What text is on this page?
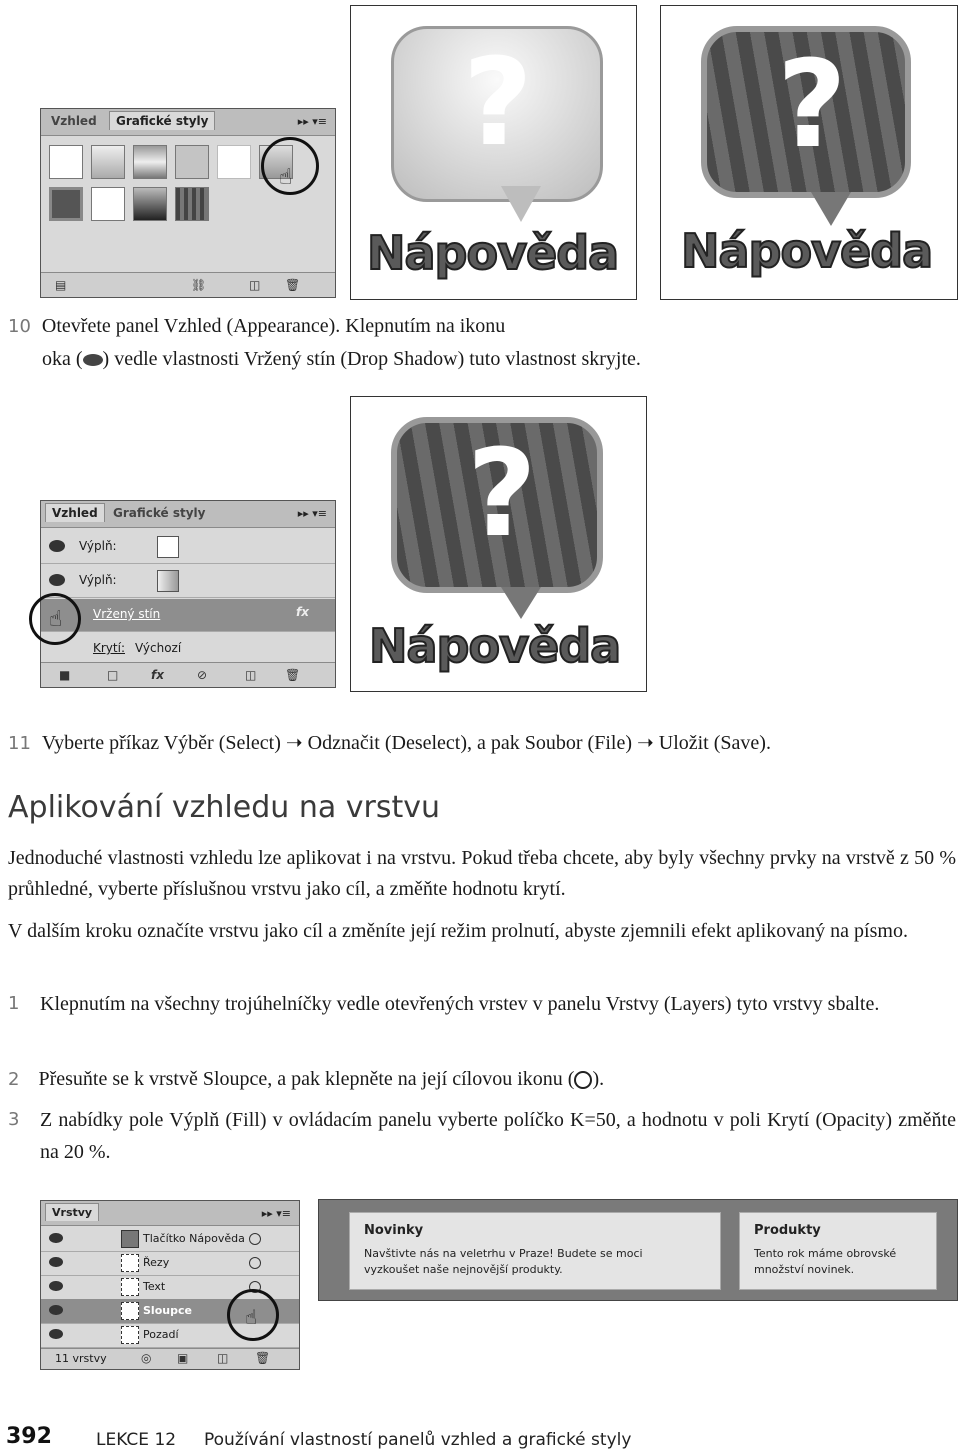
Vzhled	Grafické styly	▸▸ ▾≡
☝
▤	⛓	◫ 🗑
?
Nápověda
?
Nápověda
10 Otevřete panel Vzhled (Appearance). Klepnutím na ikonu
oka ( ) vedle vlastnosti Vržený stín (Drop Shadow) tuto vlastnost skryjte.
Vzhled	Grafické styly	▸▸ ▾≡
Výplň:
Výplň:
Vržený stín	fx
Krytí: Výchozí
☝
■	□	fx	⊘	◫ 🗑
?
Nápověda
11 Vyberte příkaz Výběr (Select) ➝ Odznačit (Deselect), a pak Soubor (File) ➝ Uložit (Save).
Aplikování vzhledu na vrstvu
Jednoduché vlastnosti vzhledu lze aplikovat i na vrstvu. Pokud třeba chcete, aby byly všechny prvky na vrstvě z 50 % průhledné, vyberte příslušnou vrstvu jako cíl, a změňte hodnotu krytí.
V dalším kroku označíte vrstvu jako cíl a změníte její režim prolnutí, abyste zjemnili efekt aplikovaný na písmo.
1 Klepnutím na všechny trojúhelníčky vedle otevřených vrstev v panelu Vrstvy (Layers) tyto vrstvy sbalte.
2 Přesuňte se k vrstvě Sloupce, a pak klepněte na její cílovou ikonu ( ).
3 Z nabídky pole Výplň (Fill) v ovládacím panelu vyberte políčko K=50, a hodnotu v poli Krytí (Opacity) změňte na 20 %.
Vrstvy	▸▸ ▾≡
Tlačítko Nápověda
Řezy
Text
Sloupce
Pozadí
☝
11 vrstvy	◎ ▣ ◫ 🗑
Novinky
Navštivte nás na veletrhu v Praze! Budete se moci
vyzkoušet naše nejnovější produkty.
Produkty
Tento rok máme obrovské
množství novinek.
392	LEKCE 12 Používání vlastností panelů vzhled a grafické styly
